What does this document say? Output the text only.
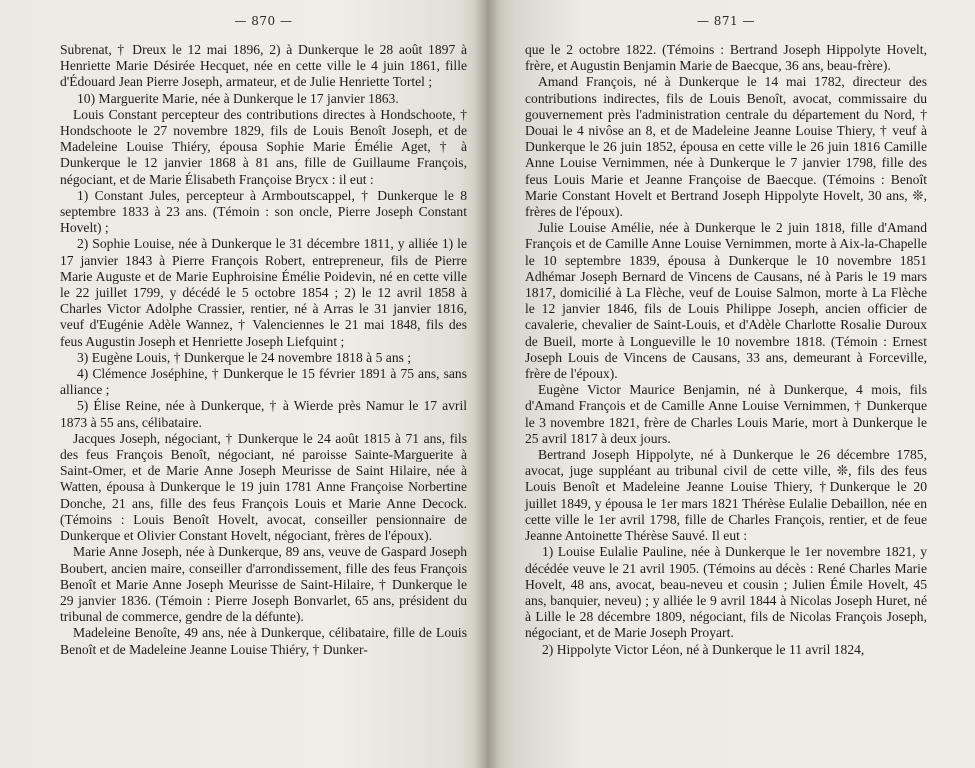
— 870 —

Subrenat, † Dreux le 12 mai 1896, 2) à Dunkerque le 28 août 1897 à Henriette Marie Désirée Hecquet, née en cette ville le 4 juin 1861, fille d'Édouard Jean Pierre Joseph, armateur, et de Julie Henriette Tortel ;

10) Marguerite Marie, née à Dunkerque le 17 janvier 1863.

Louis Constant percepteur des contributions directes à Hondschoote, † Hondschoote le 27 novembre 1829, fils de Louis Benoît Joseph, et de Madeleine Louise Thiéry, épousa Sophie Marie Émélie Aget, † à Dunkerque le 12 janvier 1868 à 81 ans, fille de Guillaume François, négociant, et de Marie Élisabeth Françoise Brycx : il eut :

1) Constant Jules, percepteur à Armboutscappel, † Dunkerque le 8 septembre 1833 à 23 ans. (Témoin : son oncle, Pierre Joseph Constant Hovelt) ;

2) Sophie Louise, née à Dunkerque le 31 décembre 1811, y alliée 1) le 17 janvier 1843 à Pierre François Robert, entrepreneur, fils de Pierre Marie Auguste et de Marie Euphroisine Émélie Poidevin, né en cette ville le 22 juillet 1799, y décédé le 5 octobre 1854 ; 2) le 12 avril 1858 à Charles Victor Adolphe Crassier, rentier, né à Arras le 31 janvier 1816, veuf d'Eugénie Adèle Wannez, † Valenciennes le 21 mai 1848, fils des feus Augustin Joseph et Henriette Joseph Liefquint ;

3) Eugène Louis, † Dunkerque le 24 novembre 1818 à 5 ans ;

4) Clémence Joséphine, † Dunkerque le 15 février 1891 à 75 ans, sans alliance ;

5) Élise Reine, née à Dunkerque, † à Wierde près Namur le 17 avril 1873 à 55 ans, célibataire.

Jacques Joseph, négociant, † Dunkerque le 24 août 1815 à 71 ans, fils des feus François Benoît, négociant, né paroisse Sainte-Marguerite à Saint-Omer, et de Marie Anne Joseph Meurisse de Saint Hilaire, née à Watten, épousa à Dunkerque le 19 juin 1781 Anne Françoise Norbertine Donche, 21 ans, fille des feus François Louis et Marie Anne Decock. (Témoins : Louis Benoît Hovelt, avocat, conseiller pensionnaire de Dunkerque et Olivier Constant Hovelt, négociant, frères de l'époux).

Marie Anne Joseph, née à Dunkerque, 89 ans, veuve de Gaspard Joseph Boubert, ancien maire, conseiller d'arrondissement, fille des feus François Benoît et Marie Anne Joseph Meurisse de Saint-Hilaire, † Dunkerque le 29 janvier 1836. (Témoin : Pierre Joseph Bonvarlet, 65 ans, président du tribunal de commerce, gendre de la défunte).

Madeleine Benoîte, 49 ans, née à Dunkerque, célibataire, fille de Louis Benoît et de Madeleine Jeanne Louise Thiéry, † Dunker-

— 871 —

que le 2 octobre 1822. (Témoins : Bertrand Joseph Hippolyte Hovelt, frère, et Augustin Benjamin Marie de Baecque, 36 ans, beau-frère).

Amand François, né à Dunkerque le 14 mai 1782, directeur des contributions indirectes, fils de Louis Benoît, avocat, commissaire du gouvernement près l'administration centrale du département du Nord, † Douai le 4 nivôse an 8, et de Madeleine Jeanne Louise Thiery, † veuf à Dunkerque le 26 juin 1852, épousa en cette ville le 26 juin 1816 Camille Anne Louise Vernimmen, née à Dunkerque le 7 janvier 1798, fille des feus Louis Marie et Jeanne Françoise de Baecque. (Témoins : Benoît Marie Constant Hovelt et Bertrand Joseph Hippolyte Hovelt, 30 ans, ❊, frères de l'époux).

Julie Louise Amélie, née à Dunkerque le 2 juin 1818, fille d'Amand François et de Camille Anne Louise Vernimmen, morte à Aix-la-Chapelle le 10 septembre 1839, épousa à Dunkerque le 10 novembre 1851 Adhémar Joseph Bernard de Vincens de Causans, né à Paris le 19 mars 1817, domicilié à La Flèche, veuf de Louise Salmon, morte à La Flèche le 12 janvier 1846, fils de Louis Philippe Joseph, ancien officier de cavalerie, chevalier de Saint-Louis, et d'Adèle Charlotte Rosalie Duroux de Bueil, morte à Longueville le 10 novembre 1818. (Témoin : Ernest Joseph Louis de Vincens de Causans, 33 ans, demeurant à Forceville, frère de l'époux).

Eugène Victor Maurice Benjamin, né à Dunkerque, 4 mois, fils d'Amand François et de Camille Anne Louise Vernimmen, † Dunkerque le 3 novembre 1821, frère de Charles Louis Marie, mort à Dunkerque le 25 avril 1817 à deux jours.

Bertrand Joseph Hippolyte, né à Dunkerque le 26 décembre 1785, avocat, juge suppléant au tribunal civil de cette ville, ❊, fils des feus Louis Benoît et Madeleine Jeanne Louise Thiery, †Dunkerque le 20 juillet 1849, y épousa le 1er mars 1821 Thérèse Eulalie Debaillon, née en cette ville le 1er avril 1798, fille de Charles François, rentier, et de feue Jeanne Antoinette Thérèse Sauvé. Il eut :

1) Louise Eulalie Pauline, née à Dunkerque le 1er novembre 1821, y décédée veuve le 21 avril 1905. (Témoins au décès : René Charles Marie Hovelt, 48 ans, avocat, beau-neveu et cousin ; Julien Émile Hovelt, 45 ans, banquier, neveu) ; y alliée le 9 avril 1844 à Nicolas Joseph Huret, né à Lille le 28 décembre 1809, négociant, fils de Nicolas François Joseph, négociant, et de Marie Joseph Proyart.

2) Hippolyte Victor Léon, né à Dunkerque le 11 avril 1824,
